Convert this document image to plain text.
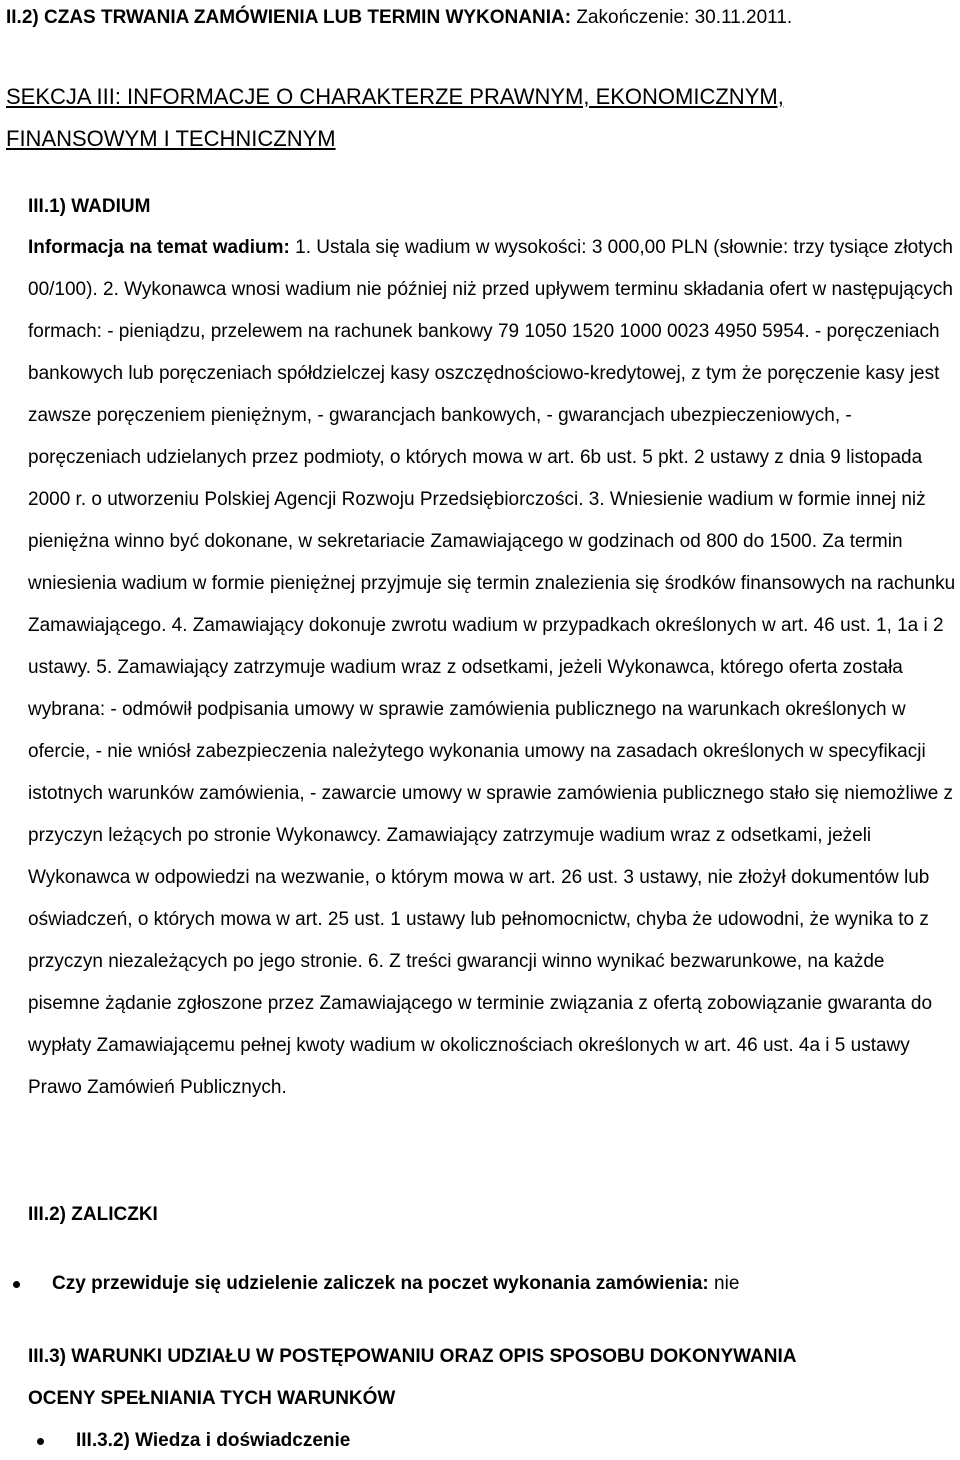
II.2) CZAS TRWANIA ZAMÓWIENIA LUB TERMIN WYKONANIA: Zakończenie: 30.11.2011.
SEKCJA III: INFORMACJE O CHARAKTERZE PRAWNYM, EKONOMICZNYM,
FINANSOWYM I TECHNICZNYM
III.1) WADIUM
Informacja na temat wadium: 1. Ustala się wadium w wysokości: 3 000,00 PLN (słownie: trzy tysiące złotych 00/100). 2. Wykonawca wnosi wadium nie później niż przed upływem terminu składania ofert w następujących formach: - pieniądzu, przelewem na rachunek bankowy 79 1050 1520 1000 0023 4950 5954. - poręczeniach bankowych lub poręczeniach spółdzielczej kasy oszczędnościowo-kredytowej, z tym że poręczenie kasy jest zawsze poręczeniem pieniężnym, - gwarancjach bankowych, - gwarancjach ubezpieczeniowych, - poręczeniach udzielanych przez podmioty, o których mowa w art. 6b ust. 5 pkt. 2 ustawy z dnia 9 listopada 2000 r. o utworzeniu Polskiej Agencji Rozwoju Przedsiębiorczości. 3. Wniesienie wadium w formie innej niż pieniężna winno być dokonane, w sekretariacie Zamawiającego w godzinach od 800 do 1500. Za termin wniesienia wadium w formie pieniężnej przyjmuje się termin znalezienia się środków finansowych na rachunku Zamawiającego. 4. Zamawiający dokonuje zwrotu wadium w przypadkach określonych w art. 46 ust. 1, 1a i 2 ustawy. 5. Zamawiający zatrzymuje wadium wraz z odsetkami, jeżeli Wykonawca, którego oferta została wybrana: - odmówił podpisania umowy w sprawie zamówienia publicznego na warunkach określonych w ofercie, - nie wniósł zabezpieczenia należytego wykonania umowy na zasadach określonych w specyfikacji istotnych warunków zamówienia, - zawarcie umowy w sprawie zamówienia publicznego stało się niemożliwe z przyczyn leżących po stronie Wykonawcy. Zamawiający zatrzymuje wadium wraz z odsetkami, jeżeli Wykonawca w odpowiedzi na wezwanie, o którym mowa w art. 26 ust. 3 ustawy, nie złożył dokumentów lub oświadczeń, o których mowa w art. 25 ust. 1 ustawy lub pełnomocnictw, chyba że udowodni, że wynika to z przyczyn niezależących po jego stronie. 6. Z treści gwarancji winno wynikać bezwarunkowe, na każde pisemne żądanie zgłoszone przez Zamawiającego w terminie związania z ofertą zobowiązanie gwaranta do wypłaty Zamawiającemu pełnej kwoty wadium w okolicznościach określonych w art. 46 ust. 4a i 5 ustawy Prawo Zamówień Publicznych.
III.2) ZALICZKI
Czy przewiduje się udzielenie zaliczek na poczet wykonania zamówienia: nie
III.3) WARUNKI UDZIAŁU W POSTĘPOWANIU ORAZ OPIS SPOSOBU DOKONYWANIA
OCENY SPEŁNIANIA TYCH WARUNKÓW
III.3.2) Wiedza i doświadczenie
